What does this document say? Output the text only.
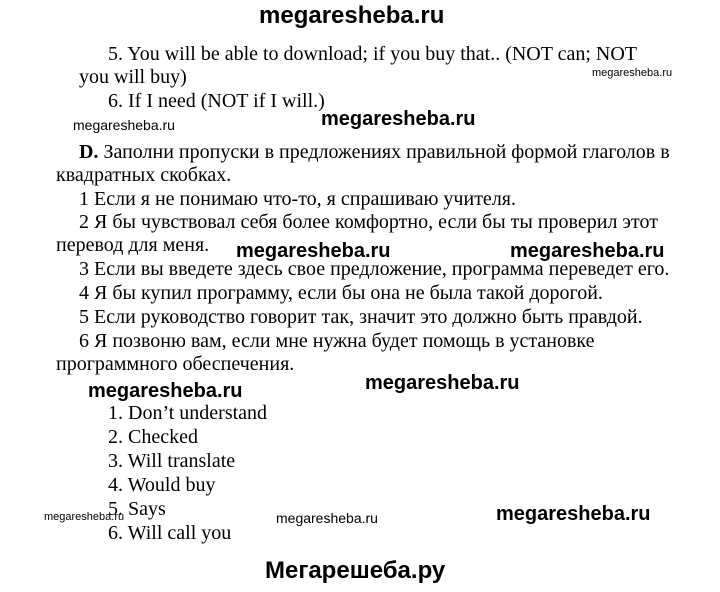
megaresheba.ru
5. You will be able to download; if you buy that.. (NOT can; NOT
you will buy)	megaresheba.ru
6. If I need (NOT if I will.)
megaresheba.ru	megaresheba.ru
D. Заполни пропуски в предложениях правильной формой глаголов в
квадратных скобках.
1 Если я не понимаю что-то, я спрашиваю учителя.
2 Я бы чувствовал себя более комфортно, если бы ты проверил этот
перевод для меня. megaresheba.ru	megaresheba.ru
3 Если вы введете здесь свое предложение, программа переведет его.
4 Я бы купил программу, если бы она не была такой дорогой.
5 Если руководство говорит так, значит это должно быть правдой.
6 Я позвоню вам, если мне нужна будет помощь в установке
программного обеспечения.
megaresheba.ru	megaresheba.ru
1. Don’t understand
2. Checked
3. Will translate
4. Would buy
5. Says
6. Will call you
megaresheba.ru	megaresheba.ru	megaresheba.ru
Мегарешеба.ру
